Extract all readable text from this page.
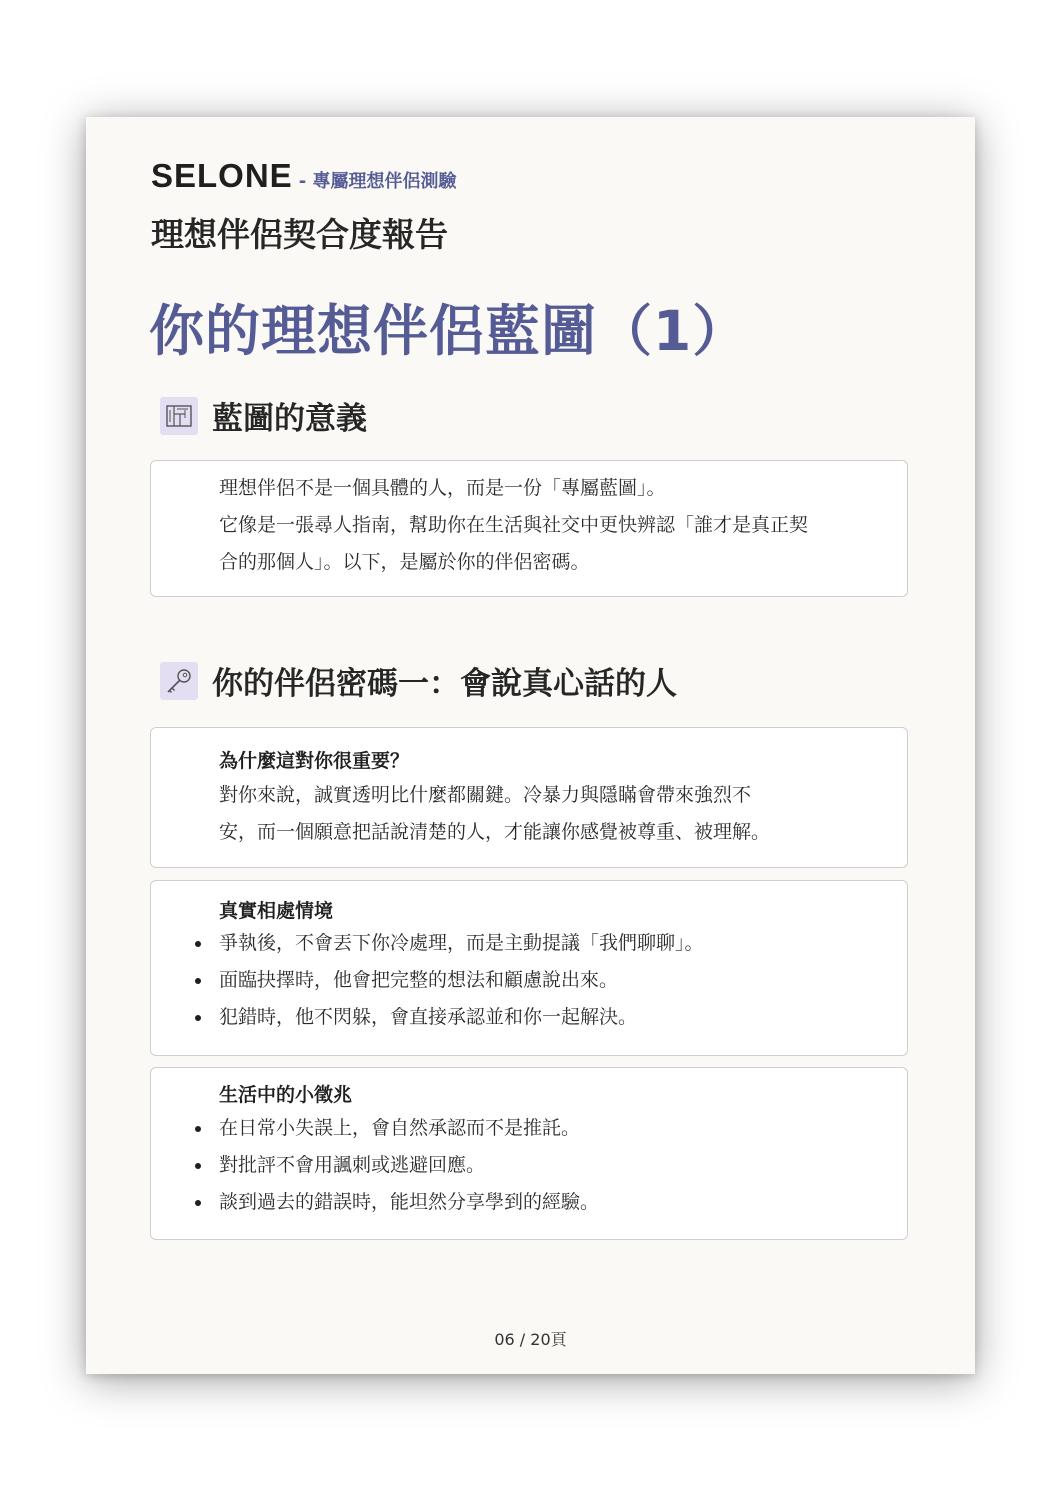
SELONE - 專屬理想伴侶測驗
理想伴侶契合度報告
你的理想伴侶藍圖（1）
藍圖的意義
理想伴侶不是一個具體的人，而是一份「專屬藍圖」。
它像是一張尋人指南，幫助你在生活與社交中更快辨認「誰才是真正契
合的那個人」。以下，是屬於你的伴侶密碼。
你的伴侶密碼一：會說真心話的人
為什麼這對你很重要？
對你來說，誠實透明比什麼都關鍵。冷暴力與隱瞞會帶來強烈不
安，而一個願意把話說清楚的人，才能讓你感覺被尊重、被理解。
真實相處情境
爭執後，不會丟下你冷處理，而是主動提議「我們聊聊」。
面臨抉擇時，他會把完整的想法和顧慮說出來。
犯錯時，他不閃躲，會直接承認並和你一起解決。
生活中的小徵兆
在日常小失誤上，會自然承認而不是推託。
對批評不會用諷刺或逃避回應。
談到過去的錯誤時，能坦然分享學到的經驗。
06 / 20頁
